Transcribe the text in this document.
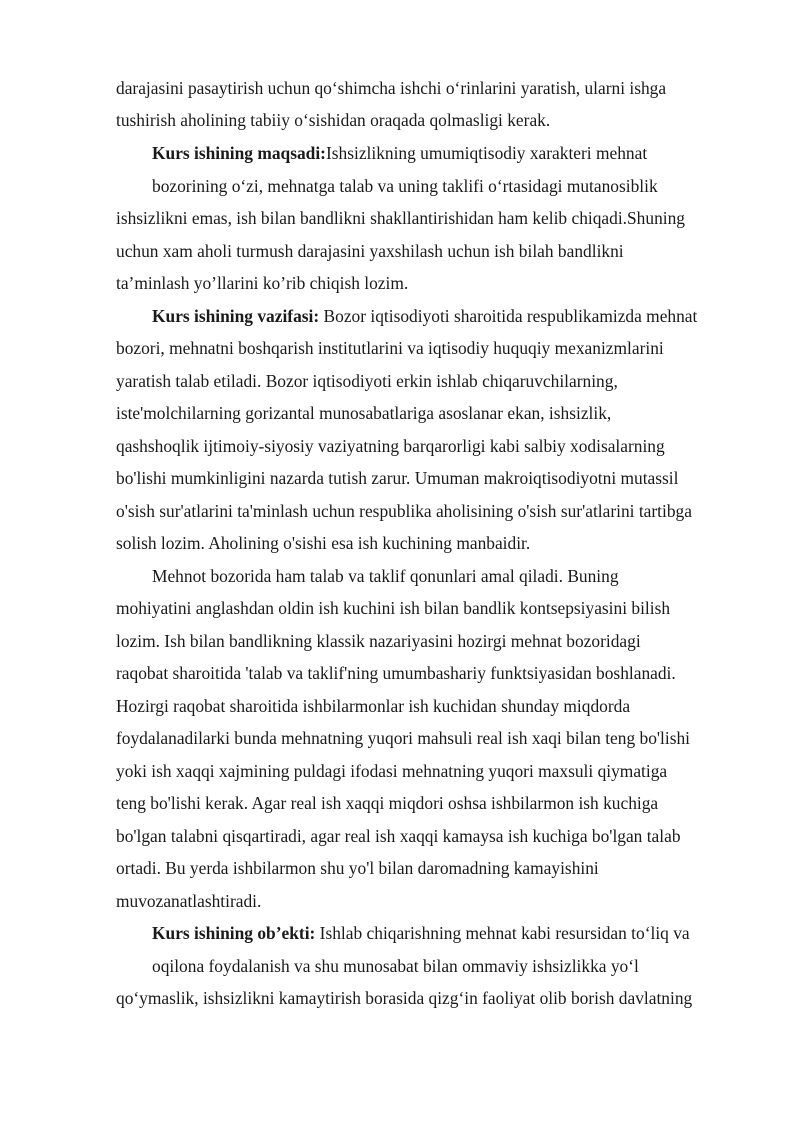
darajasini pasaytirish uchun qo‘shimcha ishchi o‘rinlarini yaratish, ularni ishga
tushirish aholining tabiiy o‘sishidan oraqada qolmasligi kerak.
Kurs ishining maqsadi:Ishsizlikning umumiqtisodiy xarakteri mehnat
bozorining o‘zi, mehnatga talab va uning taklifi o‘rtasidagi mutanosiblik
ishsizlikni emas, ish bilan bandlikni shakllantirishidan ham kelib chiqadi.Shuning
uchun xam aholi turmush darajasini yaxshilash uchun ish bilah bandlikni
ta’minlash yo’llarini ko’rib chiqish lozim.
Kurs ishining vazifasi: Bozor iqtisodiyoti sharoitida respublikamizda mehnat
bozori, mehnatni boshqarish institutlarini va iqtisodiy huquqiy mexanizmlarini
yaratish talab etiladi. Bozor iqtisodiyoti erkin ishlab chiqaruvchilarning,
iste'molchilarning gorizantal munosabatlariga asoslanar ekan, ishsizlik,
qashshoqlik ijtimoiy-siyosiy vaziyatning barqarorligi kabi salbiy xodisalarning
bo'lishi mumkinligini nazarda tutish zarur. Umuman makroiqtisodiyotni mutassil
o'sish sur'atlarini ta'minlash uchun respublika aholisining o'sish sur'atlarini tartibga
solish lozim. Aholining o'sishi esa ish kuchining manbaidir.
Mehnot bozorida ham talab va taklif qonunlari amal qiladi. Buning
mohiyatini anglashdan oldin ish kuchini ish bilan bandlik kontsepsiyasini bilish
lozim. Ish bilan bandlikning klassik nazariyasini hozirgi mehnat bozoridagi
raqobat sharoitida 'talab va taklif'ning umumbashariy funktsiyasidan boshlanadi.
Hozirgi raqobat sharoitida ishbilarmonlar ish kuchidan shunday miqdorda
foydalanadilarki bunda mehnatning yuqori mahsuli real ish xaqi bilan teng bo'lishi
yoki ish xaqqi xajmining puldagi ifodasi mehnatning yuqori maxsuli qiymatiga
teng bo'lishi kerak. Agar real ish xaqqi miqdori oshsa ishbilarmon ish kuchiga
bo'lgan talabni qisqartiradi, agar real ish xaqqi kamaysa ish kuchiga bo'lgan talab
ortadi. Bu yerda ishbilarmon shu yo'l bilan daromadning kamayishini
muvozanatlashtiradi.
Kurs ishining ob’ekti: Ishlab chiqarishning mehnat kabi resursidan to‘liq va
oqilona foydalanish va shu munosabat bilan ommaviy ishsizlikka yo‘l
qo‘ymaslik, ishsizlikni kamaytirish borasida qizg‘in faoliyat olib borish davlatning
